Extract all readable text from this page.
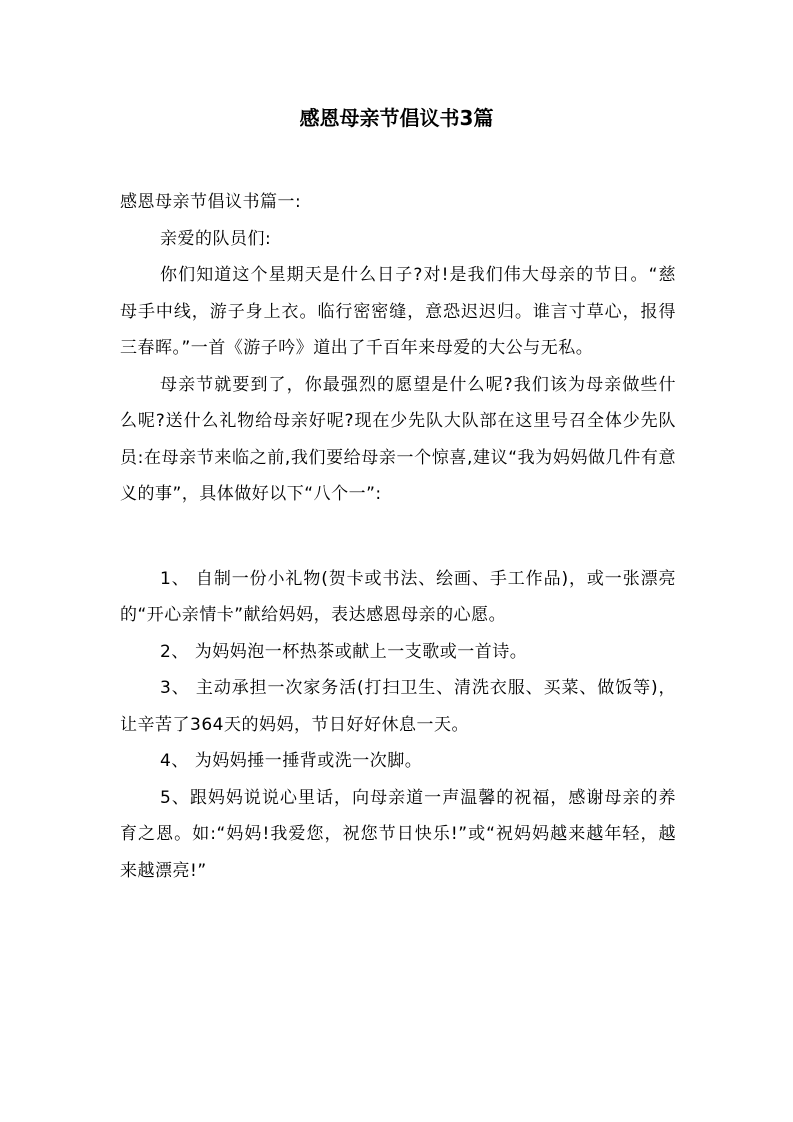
感恩母亲节倡议书3篇

感恩母亲节倡议书篇一:

亲爱的队员们:

你们知道这个星期天是什么日子?对!是我们伟大母亲的节日。“慈母手中线，游子身上衣。临行密密缝，意恐迟迟归。谁言寸草心，报得三春晖。”一首《游子吟》道出了千百年来母爱的大公与无私。

母亲节就要到了，你最强烈的愿望是什么呢?我们该为母亲做些什么呢?送什么礼物给母亲好呢?现在少先队大队部在这里号召全体少先队员:在母亲节来临之前,我们要给母亲一个惊喜,建议“我为妈妈做几件有意义的事”，具体做好以下“八个一”:

1、 自制一份小礼物(贺卡或书法、绘画、手工作品)，或一张漂亮的“开心亲情卡”献给妈妈，表达感恩母亲的心愿。

2、 为妈妈泡一杯热茶或献上一支歌或一首诗。

3、 主动承担一次家务活(打扫卫生、清洗衣服、买菜、做饭等)，让辛苦了364天的妈妈，节日好好休息一天。

4、 为妈妈捶一捶背或洗一次脚。

5、跟妈妈说说心里话，向母亲道一声温馨的祝福，感谢母亲的养育之恩。如:“妈妈!我爱您，祝您节日快乐!”或“祝妈妈越来越年轻，越来越漂亮!”
